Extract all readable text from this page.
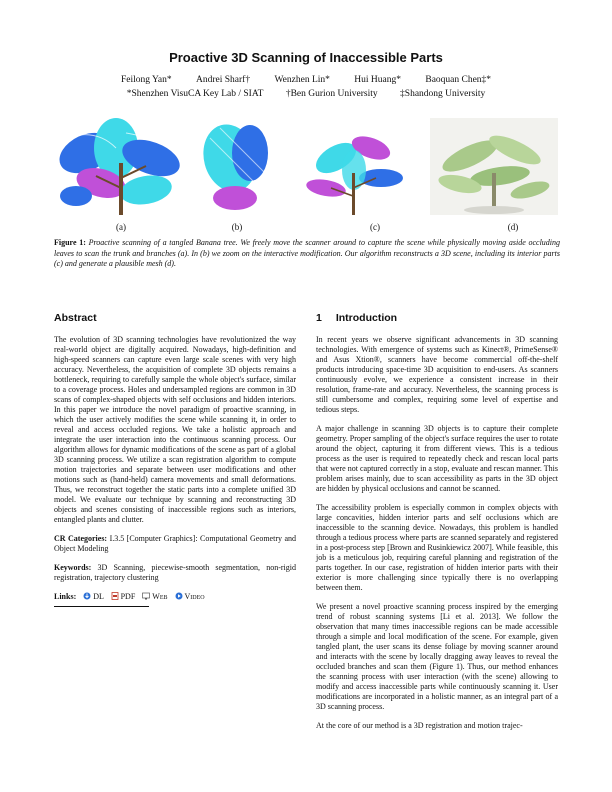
Proactive 3D Scanning of Inaccessible Parts
Feilong Yan*	Andrei Sharf†	Wenzhen Lin*	Hui Huang*	Baoquan Chen‡*
*Shenzhen VisuCA Key Lab / SIAT †Ben Gurion University ‡Shandong University
(a)	(b)	(c)	(d)
Figure 1: Proactive scanning of a tangled Banana tree. We freely move the scanner around to capture the scene while physically moving aside occluding leaves to scan the trunk and branches (a). In (b) we zoom on the interactive modification. Our algorithm reconstructs a 3D scene, including its interior parts (c) and generate a plausible mesh (d).
Abstract

The evolution of 3D scanning technologies have revolutionized the way real-world object are digitally acquired. Nowadays, high-definition and high-speed scanners can capture even large scale scenes with very high accuracy. Nevertheless, the acquisition of complete 3D objects remains a bottleneck, requiring to carefully sample the whole object's surface, similar to a coverage process. Holes and undersampled regions are common in 3D scans of complex-shaped objects with self occlusions and hidden interiors. In this paper we introduce the novel paradigm of proactive scanning, in which the user actively modifies the scene while scanning it, in order to reveal and access occluded regions. We take a holistic approach and integrate the user interaction into the continuous scanning process. Our algorithm allows for dynamic modifications of the scene as part of a global 3D scanning process. We utilize a scan registration algorithm to compute motion trajectories and separate between user modifications and other motions such as (hand-held) camera movements and small deformations. Thus, we reconstruct together the static parts into a complete unified 3D model. We evaluate our technique by scanning and reconstructing 3D objects and scenes consisting of inaccessible regions such as interiors, entangled plants and clutter.

CR Categories: I.3.5 [Computer Graphics]: Computational Geometry and Object Modeling

Keywords: 3D Scanning, piecewise-smooth segmentation, non-rigid registration, trajectory clustering

Links: DL PDF Web Video
1 Introduction

In recent years we observe significant advancements in 3D scanning technologies. With emergence of systems such as Kinect®, PrimeSense® and Asus Xtion®, scanners have become commercial off-the-shelf products introducing space-time 3D acquisition to end-users. As scanners continuously evolve, we experience a consistent increase in their resolution, frame-rate and accuracy. Nevertheless, the scanning process is still cumbersome and complex, requiring some level of expertise and tedious steps.

A major challenge in scanning 3D objects is to capture their complete geometry. Proper sampling of the object's surface requires the user to rotate around the object, capturing it from different views. This is a tedious process as the user is required to repeatedly check and rescan local parts that were not captured correctly in a stop, evaluate and rescan manner. This problem arises mainly, due to scan accessibility as parts in the 3D object are hidden by physical occlusions and cannot be scanned.

The accessibility problem is especially common in complex objects with large concavities, hidden interior parts and self occlusions which are inaccessible to the scanning device. Nowadays, this problem is handled through a tedious process where parts are scanned separately and registered in a post-process step [Brown and Rusinkiewicz 2007]. While feasible, this job is a meticulous job, requiring careful planning and registration of the parts together. In our case, registration of hidden interior parts with their exterior is more challenging since typically there is no overlapping between them.

We present a novel proactive scanning process inspired by the emerging trend of robust scanning systems [Li et al. 2013]. We follow the observation that many times inaccessible regions can be made accessible through a simple and local modification of the scene. For example, given tangled plant, the user scans its dense foliage by moving scanner around and interacts with the scene by locally dragging away leaves to reveal the occluded branches and scan them (Figure 1). Thus, our method enhances the scanning process with user interaction (with the scene) allowing to modify and access inaccessible parts while continuously scanning it. User modifications are incorporated in a holistic manner, as an integral part of a 3D scanning process.

At the core of our method is a 3D registration and motion trajec-
